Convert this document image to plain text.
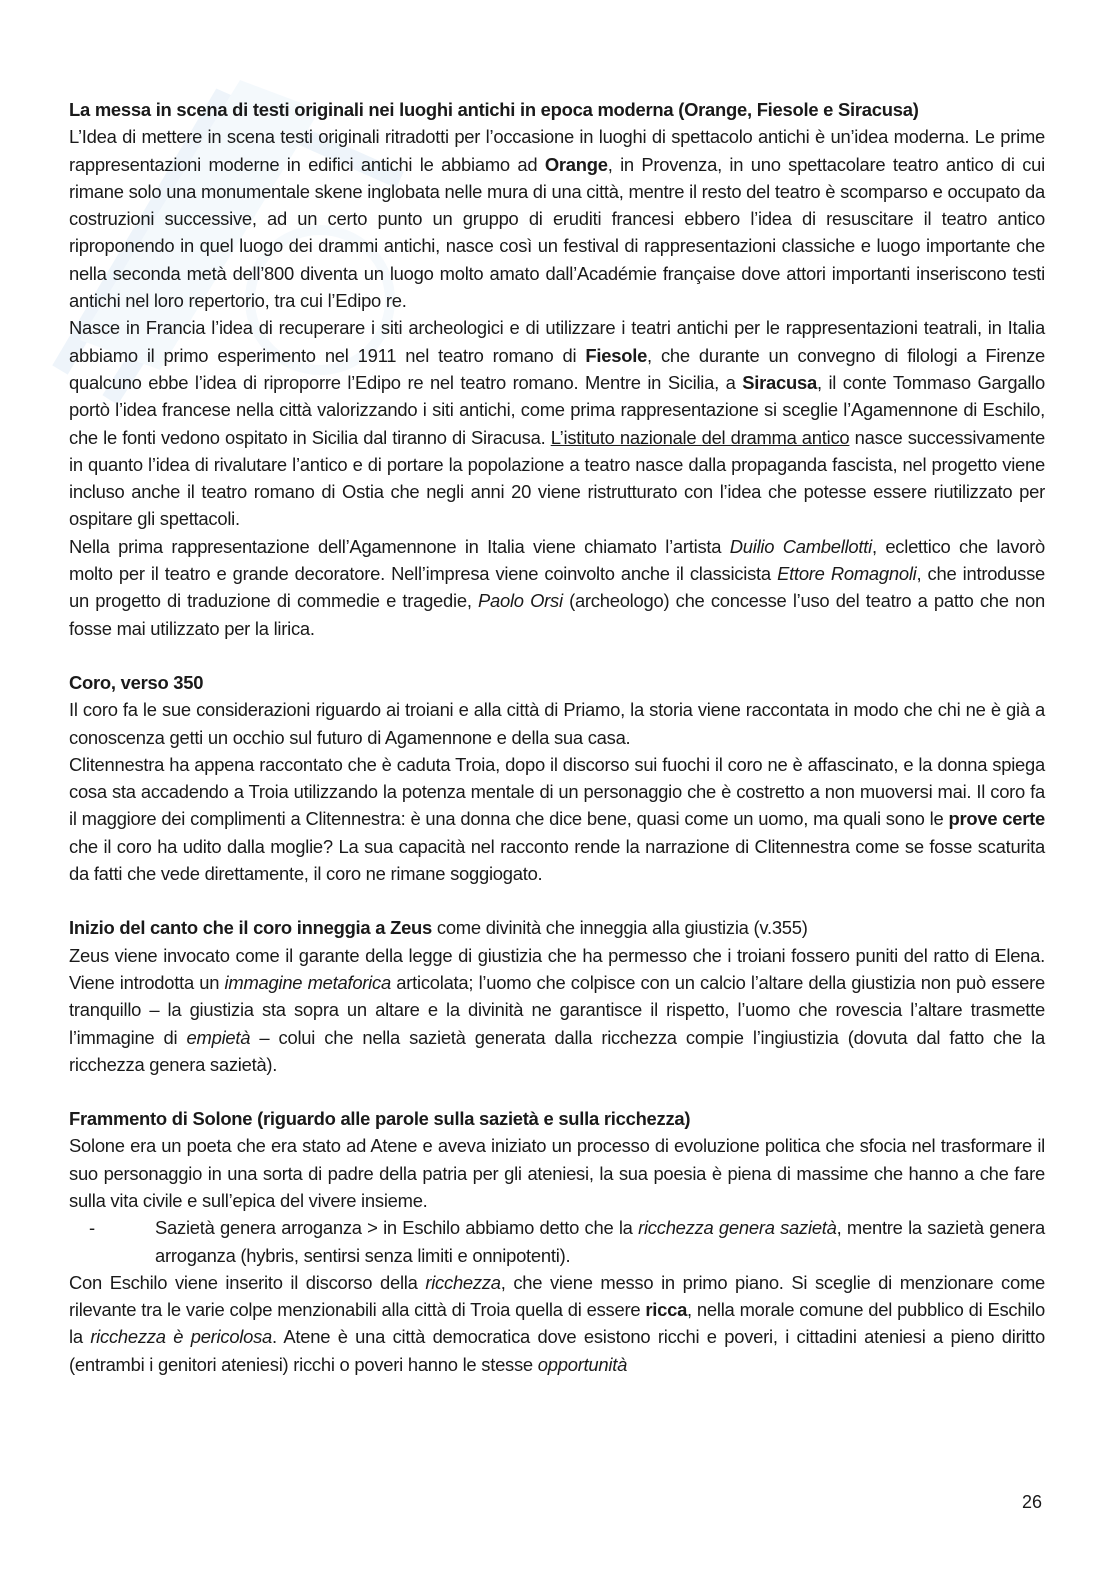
La messa in scena di testi originali nei luoghi antichi in epoca moderna (Orange, Fiesole e Siracusa)

L’Idea di mettere in scena testi originali ritradotti per l’occasione in luoghi di spettacolo antichi è un’idea moderna. Le prime rappresentazioni moderne in edifici antichi le abbiamo ad Orange, in Provenza, in uno spettacolare teatro antico di cui rimane solo una monumentale skene inglobata nelle mura di una città, mentre il resto del teatro è scomparso e occupato da costruzioni successive, ad un certo punto un gruppo di eruditi francesi ebbero l’idea di resuscitare il teatro antico riproponendo in quel luogo dei drammi antichi, nasce così un festival di rappresentazioni classiche e luogo importante che nella seconda metà dell’800 diventa un luogo molto amato dall’Académie française dove attori importanti inseriscono testi antichi nel loro repertorio, tra cui l’Edipo re.

Nasce in Francia l’idea di recuperare i siti archeologici e di utilizzare i teatri antichi per le rappresentazioni teatrali, in Italia abbiamo il primo esperimento nel 1911 nel teatro romano di Fiesole, che durante un convegno di filologi a Firenze qualcuno ebbe l’idea di riproporre l’Edipo re nel teatro romano. Mentre in Sicilia, a Siracusa, il conte Tommaso Gargallo portò l’idea francese nella città valorizzando i siti antichi, come prima rappresentazione si sceglie l’Agamennone di Eschilo, che le fonti vedono ospitato in Sicilia dal tiranno di Siracusa. L’istituto nazionale del dramma antico nasce successivamente in quanto l’idea di rivalutare l’antico e di portare la popolazione a teatro nasce dalla propaganda fascista, nel progetto viene incluso anche il teatro romano di Ostia che negli anni 20 viene ristrutturato con l’idea che potesse essere riutilizzato per ospitare gli spettacoli.

Nella prima rappresentazione dell’Agamennone in Italia viene chiamato l’artista Duilio Cambellotti, eclettico che lavorò molto per il teatro e grande decoratore. Nell’impresa viene coinvolto anche il classicista Ettore Romagnoli, che introdusse un progetto di traduzione di commedie e tragedie, Paolo Orsi (archeologo) che concesse l’uso del teatro a patto che non fosse mai utilizzato per la lirica.

Coro, verso 350

Il coro fa le sue considerazioni riguardo ai troiani e alla città di Priamo, la storia viene raccontata in modo che chi ne è già a conoscenza getti un occhio sul futuro di Agamennone e della sua casa.

Clitennestra ha appena raccontato che è caduta Troia, dopo il discorso sui fuochi il coro ne è affascinato, e la donna spiega cosa sta accadendo a Troia utilizzando la potenza mentale di un personaggio che è costretto a non muoversi mai. Il coro fa il maggiore dei complimenti a Clitennestra: è una donna che dice bene, quasi come un uomo, ma quali sono le prove certe che il coro ha udito dalla moglie? La sua capacità nel racconto rende la narrazione di Clitennestra come se fosse scaturita da fatti che vede direttamente, il coro ne rimane soggiogato.

Inizio del canto che il coro inneggia a Zeus come divinità che inneggia alla giustizia (v.355)

Zeus viene invocato come il garante della legge di giustizia che ha permesso che i troiani fossero puniti del ratto di Elena. Viene introdotta un immagine metaforica articolata; l’uomo che colpisce con un calcio l’altare della giustizia non può essere tranquillo – la giustizia sta sopra un altare e la divinità ne garantisce il rispetto, l’uomo che rovescia l’altare trasmette l’immagine di empietà – colui che nella sazietà generata dalla ricchezza compie l’ingiustizia (dovuta dal fatto che la ricchezza genera sazietà).

Frammento di Solone (riguardo alle parole sulla sazietà e sulla ricchezza)

Solone era un poeta che era stato ad Atene e aveva iniziato un processo di evoluzione politica che sfocia nel trasformare il suo personaggio in una sorta di padre della patria per gli ateniesi, la sua poesia è piena di massime che hanno a che fare sulla vita civile e sull’epica del vivere insieme.

-	Sazietà genera arroganza > in Eschilo abbiamo detto che la ricchezza genera sazietà, mentre la sazietà genera arroganza (hybris, sentirsi senza limiti e onnipotenti).

Con Eschilo viene inserito il discorso della ricchezza, che viene messo in primo piano. Si sceglie di menzionare come rilevante tra le varie colpe menzionabili alla città di Troia quella di essere ricca, nella morale comune del pubblico di Eschilo la ricchezza è pericolosa. Atene è una città democratica dove esistono ricchi e poveri, i cittadini ateniesi a pieno diritto (entrambi i genitori ateniesi) ricchi o poveri hanno le stesse opportunità

26
